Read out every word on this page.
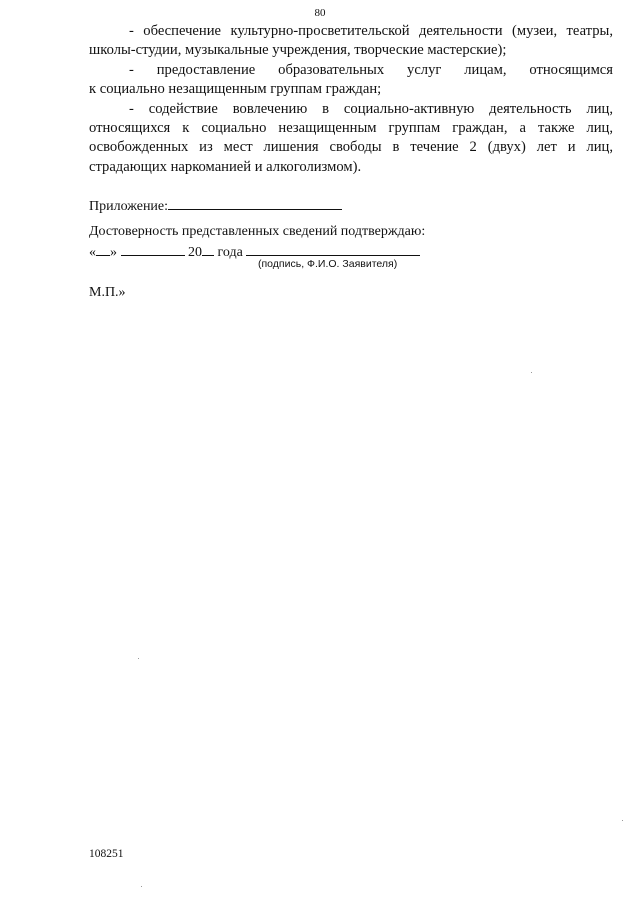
80

- обеспечение культурно-просветительской деятельности (музеи, театры,

школы-студии, музыкальные учреждения, творческие мастерские);

- предоставление образовательных услуг лицам, относящимся

к социально незащищенным группам граждан;

- содействие вовлечению в социально-активную деятельность лиц, относящихся к социально незащищенным группам граждан, а также лиц, освобожденных из мест лишения свободы в течение 2 (двух) лет и лиц, страдающих наркоманией и алкоголизмом).

Приложение:
Достоверность представленных сведений подтверждаю:
« »	20 года
(подпись, Ф.И.О. Заявителя)
М.П.»
108251
